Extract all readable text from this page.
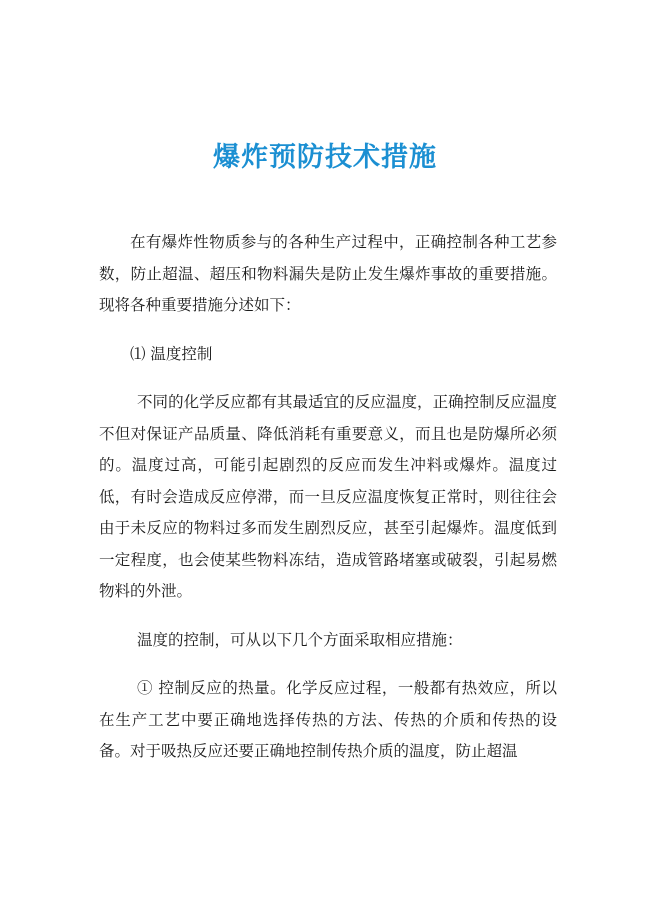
爆炸预防技术措施

在有爆炸性物质参与的各种生产过程中，正确控制各种工艺参数，防止超温、超压和物料漏失是防止发生爆炸事故的重要措施。现将各种重要措施分述如下：

⑴ 温度控制

不同的化学反应都有其最适宜的反应温度，正确控制反应温度不但对保证产品质量、降低消耗有重要意义，而且也是防爆所必须的。温度过高，可能引起剧烈的反应而发生冲料或爆炸。温度过低，有时会造成反应停滞，而一旦反应温度恢复正常时，则往往会由于未反应的物料过多而发生剧烈反应，甚至引起爆炸。温度低到一定程度，也会使某些物料冻结，造成管路堵塞或破裂，引起易燃物料的外泄。

温度的控制，可从以下几个方面采取相应措施：

① 控制反应的热量。化学反应过程，一般都有热效应，所以在生产工艺中要正确地选择传热的方法、传热的介质和传热的设备。对于吸热反应还要正确地控制传热介质的温度，防止超温
